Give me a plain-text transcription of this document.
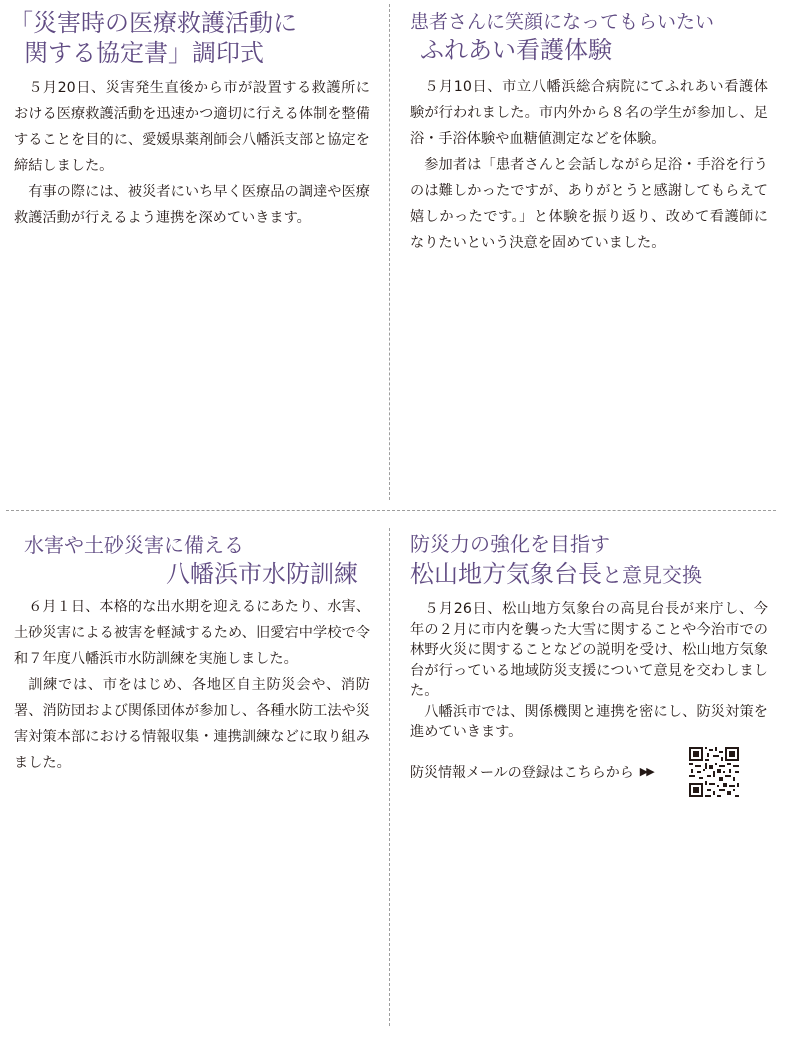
「災害時の医療救護活動に
関する協定書」調印式

５月20日、災害発生直後から市が設置する救護所における医療救護活動を迅速かつ適切に行える体制を整備することを目的に、愛媛県薬剤師会八幡浜支部と協定を締結しました。

有事の際には、被災者にいち早く医療品の調達や医療救護活動が行えるよう連携を深めていきます。

患者さんに笑顔になってもらいたい
ふれあい看護体験

５月10日、市立八幡浜総合病院にてふれあい看護体験が行われました。市内外から８名の学生が参加し、足浴・手浴体験や血糖値測定などを体験。

参加者は「患者さんと会話しながら足浴・手浴を行うのは難しかったですが、ありがとうと感謝してもらえて嬉しかったです。」と体験を振り返り、改めて看護師になりたいという決意を固めていました。

水害や土砂災害に備える
八幡浜市水防訓練

６月１日、本格的な出水期を迎えるにあたり、水害、土砂災害による被害を軽減するため、旧愛宕中学校で令和７年度八幡浜市水防訓練を実施しました。

訓練では、市をはじめ、各地区自主防災会や、消防署、消防団および関係団体が参加し、各種水防工法や災害対策本部における情報収集・連携訓練などに取り組みました。

防災力の強化を目指す
松山地方気象台長と意見交換

５月26日、松山地方気象台の高見台長が来庁し、今年の２月に市内を襲った大雪に関することや今治市での林野火災に関することなどの説明を受け、松山地方気象台が行っている地域防災支援について意見を交わしました。

八幡浜市では、関係機関と連携を密にし、防災対策を進めていきます。

防災情報メールの登録はこちらから ▶▶
